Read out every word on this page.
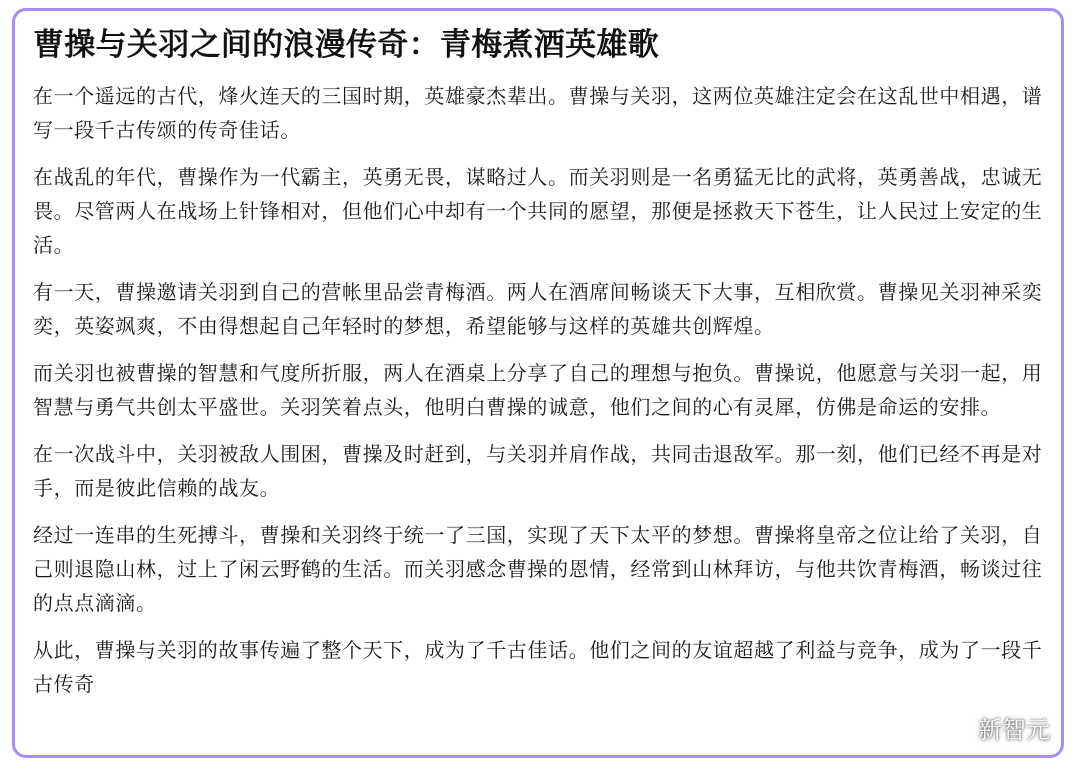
曹操与关羽之间的浪漫传奇：青梅煮酒英雄歌

在一个遥远的古代，烽火连天的三国时期，英雄豪杰辈出。曹操与关羽，这两位英雄注定会在这乱世中相遇，谱写一段千古传颂的传奇佳话。

在战乱的年代，曹操作为一代霸主，英勇无畏，谋略过人。而关羽则是一名勇猛无比的武将，英勇善战，忠诚无畏。尽管两人在战场上针锋相对，但他们心中却有一个共同的愿望，那便是拯救天下苍生，让人民过上安定的生活。

有一天，曹操邀请关羽到自己的营帐里品尝青梅酒。两人在酒席间畅谈天下大事，互相欣赏。曹操见关羽神采奕奕，英姿飒爽，不由得想起自己年轻时的梦想，希望能够与这样的英雄共创辉煌。

而关羽也被曹操的智慧和气度所折服，两人在酒桌上分享了自己的理想与抱负。曹操说，他愿意与关羽一起，用智慧与勇气共创太平盛世。关羽笑着点头，他明白曹操的诚意，他们之间的心有灵犀，仿佛是命运的安排。

在一次战斗中，关羽被敌人围困，曹操及时赶到，与关羽并肩作战，共同击退敌军。那一刻，他们已经不再是对手，而是彼此信赖的战友。

经过一连串的生死搏斗，曹操和关羽终于统一了三国，实现了天下太平的梦想。曹操将皇帝之位让给了关羽，自己则退隐山林，过上了闲云野鹤的生活。而关羽感念曹操的恩情，经常到山林拜访，与他共饮青梅酒，畅谈过往的点点滴滴。

从此，曹操与关羽的故事传遍了整个天下，成为了千古佳话。他们之间的友谊超越了利益与竞争，成为了一段千古传奇

新智元
